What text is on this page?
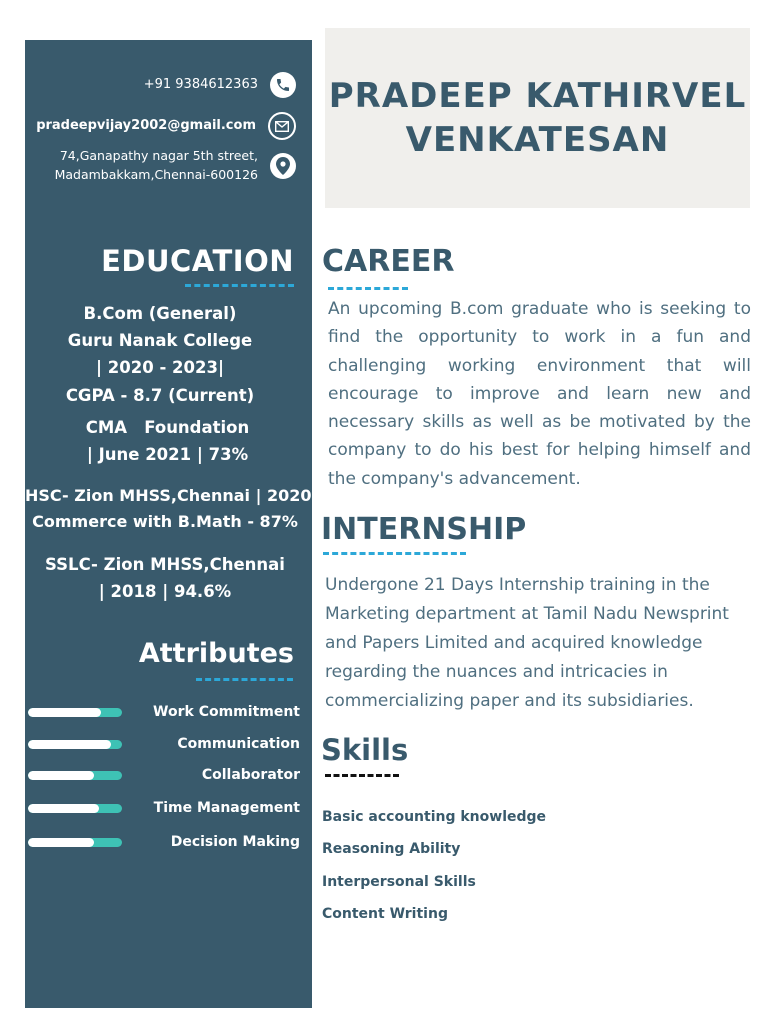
+91 9384612363
pradeepvijay2002@gmail.com
74,Ganapathy nagar 5th street,
Madambakkam,Chennai-600126
EDUCATION
B.Com (General)
Guru Nanak College
| 2020 - 2023|
CGPA - 8.7 (Current)
CMA   Foundation
| June 2021 | 73%
HSC- Zion MHSS,Chennai | 2020 |
Commerce with B.Math - 87%
SSLC- Zion MHSS,Chennai
| 2018 | 94.6%
Attributes
Work Commitment
Communication
Collaborator
Time Management
Decision Making
PRADEEP KATHIRVEL
VENKATESAN
CAREER
An upcoming B.com graduate who is seeking to find the opportunity to work in a fun and challenging working environment that will encourage to improve and learn new and necessary skills as well as be motivated by the company to do his best for helping himself and the company's advancement.
INTERNSHIP
Undergone 21 Days Internship training in the Marketing department at Tamil Nadu Newsprint and Papers Limited and acquired knowledge regarding the nuances and intricacies in commercializing paper and its subsidiaries.
Skills
Basic accounting knowledge
Reasoning Ability
Interpersonal Skills
Content Writing
